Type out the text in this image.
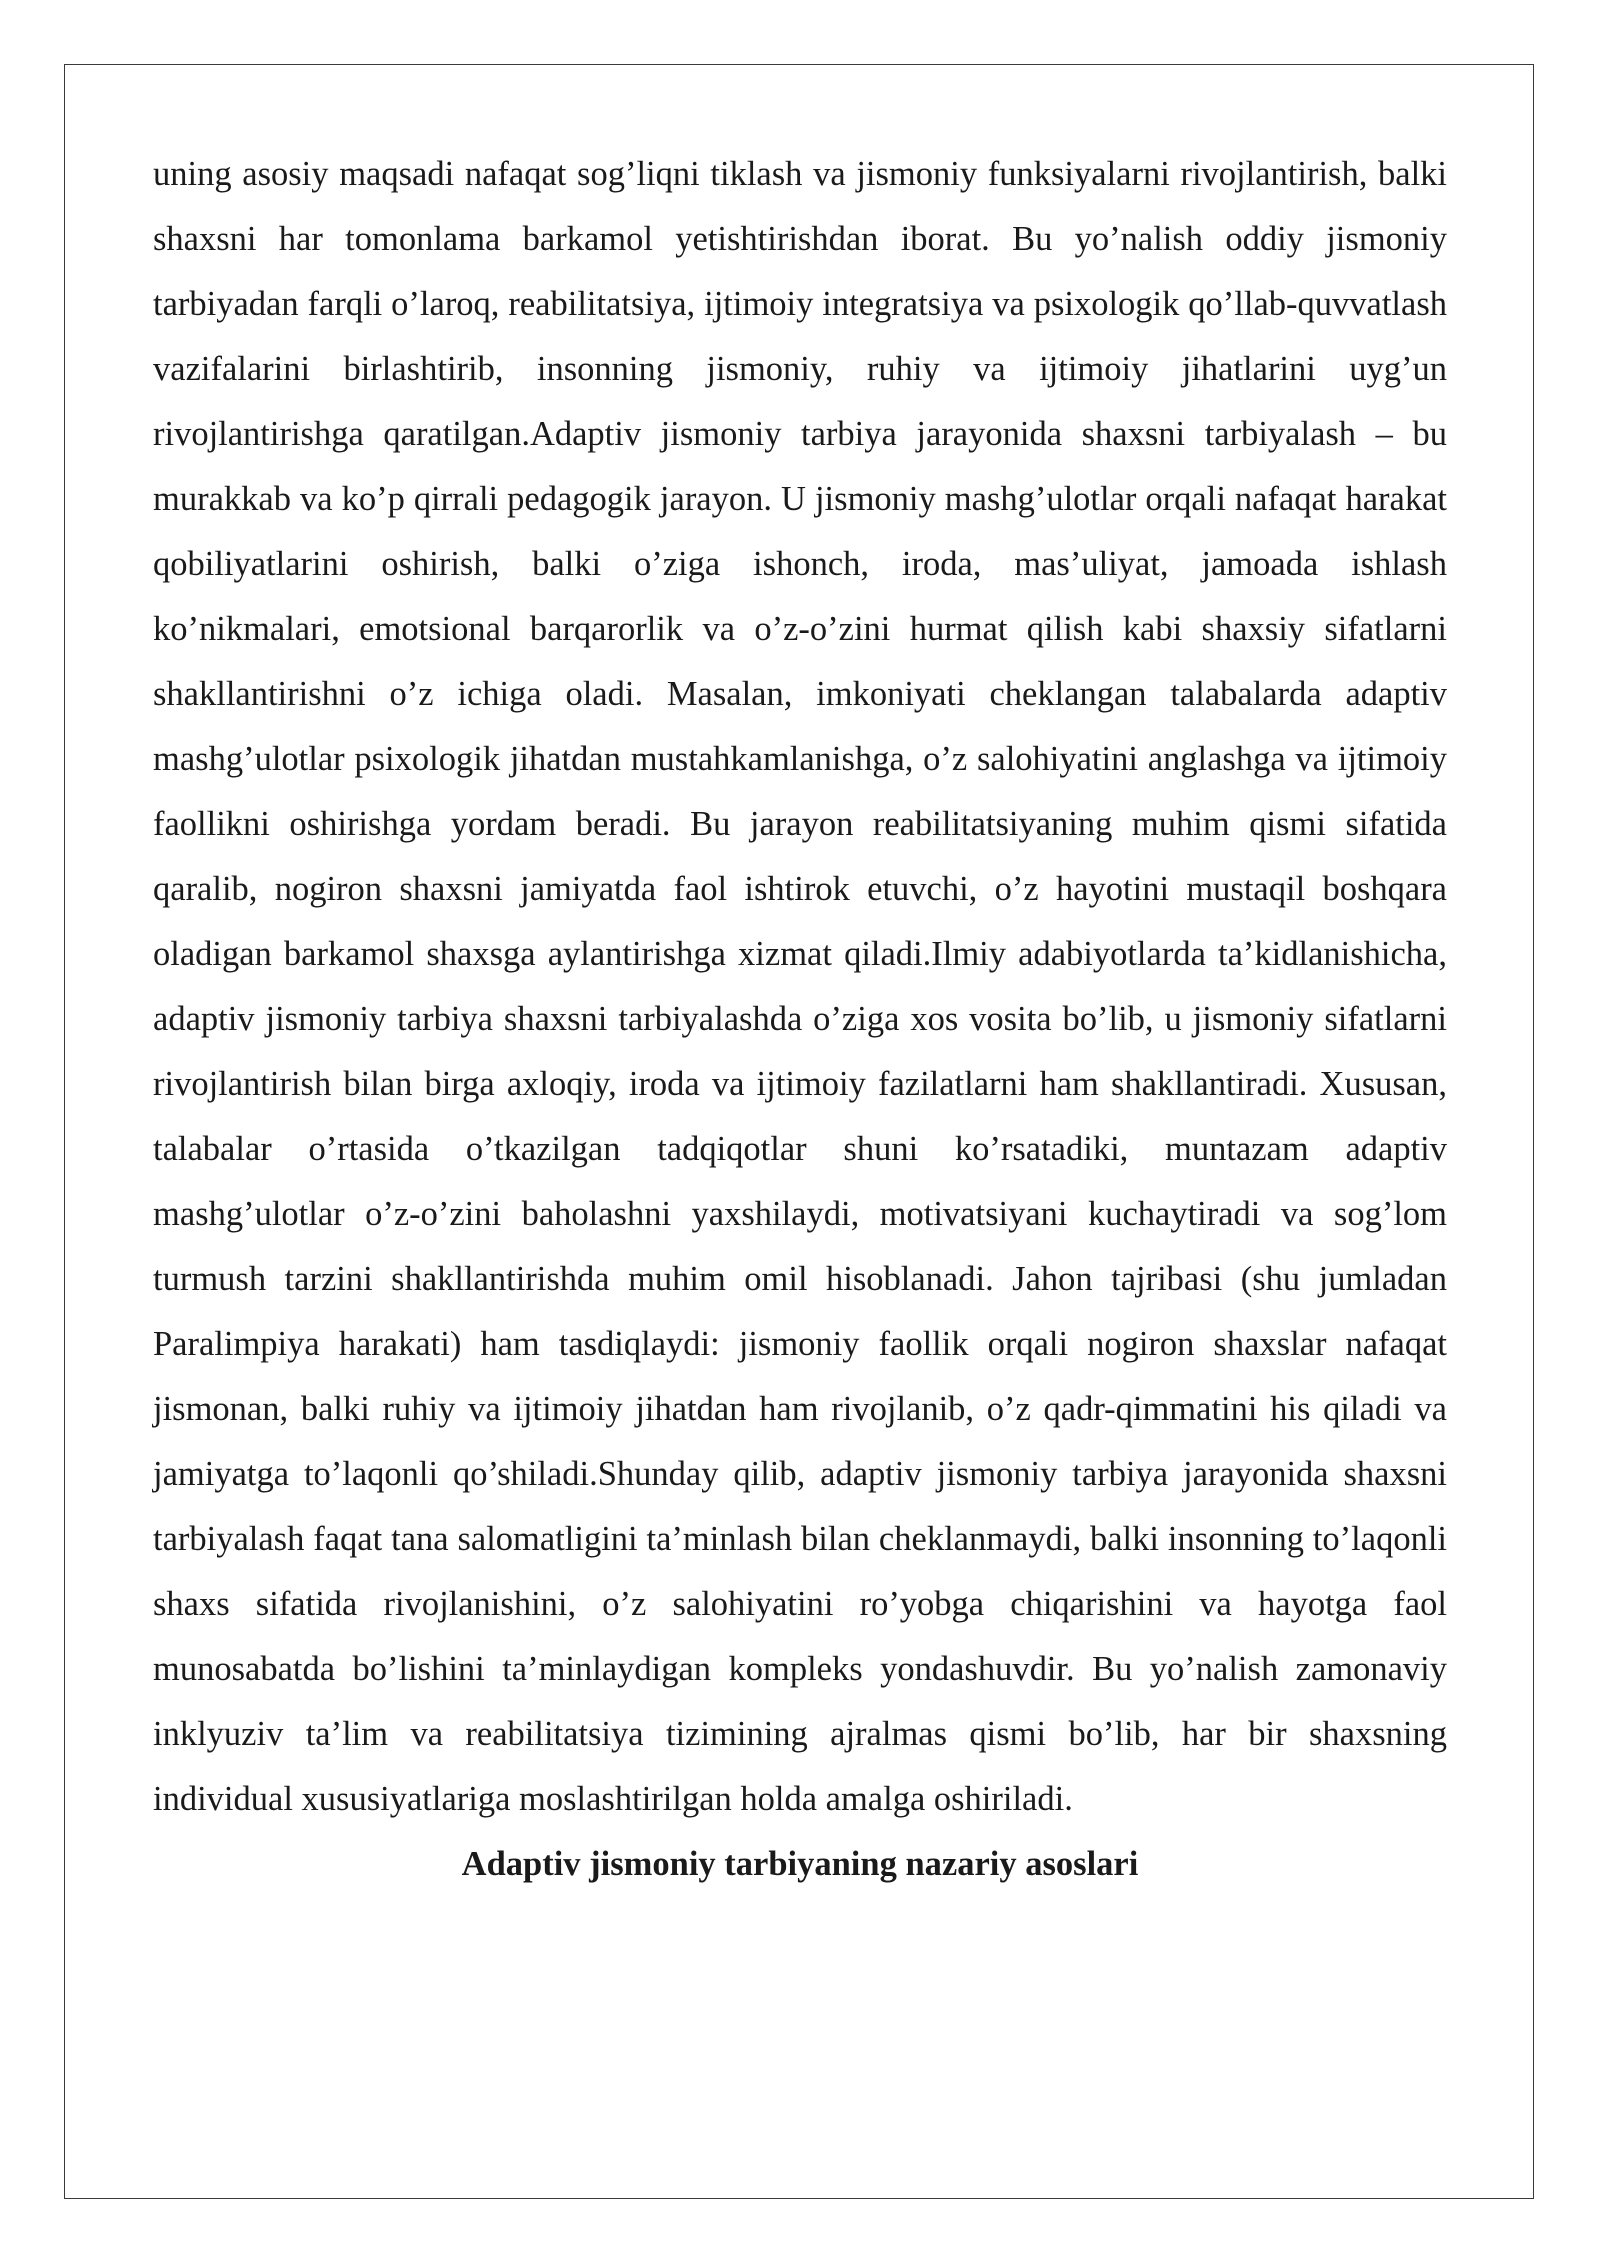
uning asosiy maqsadi nafaqat sog’liqni tiklash va jismoniy funksiyalarni rivojlantirish, balki shaxsni har tomonlama barkamol yetishtirishdan iborat. Bu yo’nalish oddiy jismoniy tarbiyadan farqli o’laroq, reabilitatsiya, ijtimoiy integratsiya va psixologik qo’llab-quvvatlash vazifalarini birlashtirib, insonning jismoniy, ruhiy va ijtimoiy jihatlarini uyg’un rivojlantirishga qaratilgan.Adaptiv jismoniy tarbiya jarayonida shaxsni tarbiyalash – bu murakkab va ko’p qirrali pedagogik jarayon. U jismoniy mashg’ulotlar orqali nafaqat harakat qobiliyatlarini oshirish, balki o’ziga ishonch, iroda, mas’uliyat, jamoada ishlash ko’nikmalari, emotsional barqarorlik va o’z-o’zini hurmat qilish kabi shaxsiy sifatlarni shakllantirishni o’z ichiga oladi. Masalan, imkoniyati cheklangan talabalarda adaptiv mashg’ulotlar psixologik jihatdan mustahkamlanishga, o’z salohiyatini anglashga va ijtimoiy faollikni oshirishga yordam beradi. Bu jarayon reabilitatsiyaning muhim qismi sifatida qaralib, nogiron shaxsni jamiyatda faol ishtirok etuvchi, o’z hayotini mustaqil boshqara oladigan barkamol shaxsga aylantirishga xizmat qiladi.Ilmiy adabiyotlarda ta’kidlanishicha, adaptiv jismoniy tarbiya shaxsni tarbiyalashda o’ziga xos vosita bo’lib, u jismoniy sifatlarni rivojlantirish bilan birga axloqiy, iroda va ijtimoiy fazilatlarni ham shakllantiradi. Xususan, talabalar o’rtasida o’tkazilgan tadqiqotlar shuni ko’rsatadiki, muntazam adaptiv mashg’ulotlar o’z-o’zini baholashni yaxshilaydi, motivatsiyani kuchaytiradi va sog’lom turmush tarzini shakllantirishda muhim omil hisoblanadi. Jahon tajribasi (shu jumladan Paralimpiya harakati) ham tasdiqlaydi: jismoniy faollik orqali nogiron shaxslar nafaqat jismonan, balki ruhiy va ijtimoiy jihatdan ham rivojlanib, o’z qadr-qimmatini his qiladi va jamiyatga to’laqonli qo’shiladi.Shunday qilib, adaptiv jismoniy tarbiya jarayonida shaxsni tarbiyalash faqat tana salomatligini ta’minlash bilan cheklanmaydi, balki insonning to’laqonli shaxs sifatida rivojlanishini, o’z salohiyatini ro’yobga chiqarishini va hayotga faol munosabatda bo’lishini ta’minlaydigan kompleks yondashuvdir. Bu yo’nalish zamonaviy inklyuziv ta’lim va reabilitatsiya tizimining ajralmas qismi bo’lib, har bir shaxsning individual xususiyatlariga moslashtirilgan holda amalga oshiriladi.

Adaptiv jismoniy tarbiyaning nazariy asoslari
